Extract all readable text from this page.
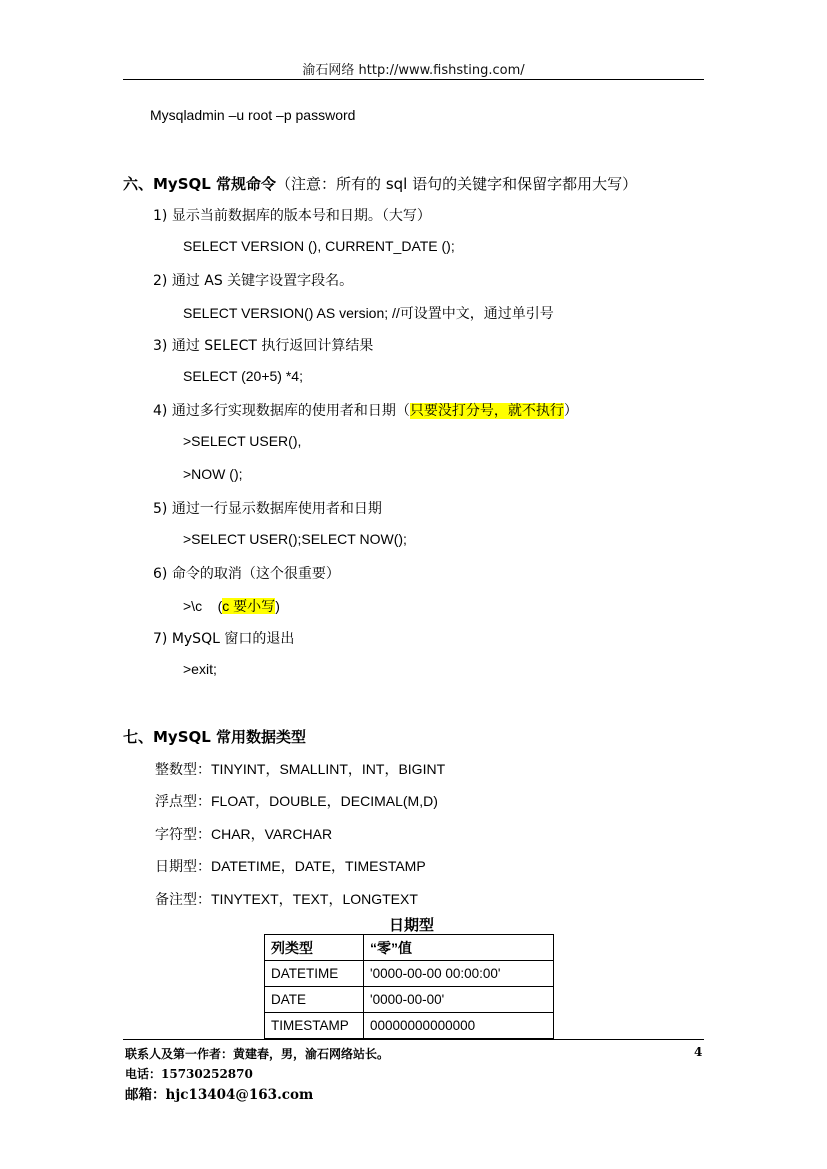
渝石网络 http://www.fishsting.com/
Mysqladmin –u root –p password
六、MySQL 常规命令（注意：所有的 sql 语句的关键字和保留字都用大写）
1) 显示当前数据库的版本号和日期。（大写）
SELECT VERSION (), CURRENT_DATE ();
2) 通过 AS 关键字设置字段名。
SELECT VERSION() AS version; //可设置中文，通过单引号
3) 通过 SELECT 执行返回计算结果
SELECT (20+5) *4;
4) 通过多行实现数据库的使用者和日期（只要没打分号，就不执行）
>SELECT USER(),
>NOW ();
5) 通过一行显示数据库使用者和日期
>SELECT USER();SELECT NOW();
6) 命令的取消（这个很重要）
>\c    (c 要小写)
7) MySQL 窗口的退出
>exit;
七、MySQL 常用数据类型
整数型：TINYINT，SMALLINT，INT，BIGINT
浮点型：FLOAT，DOUBLE，DECIMAL(M,D)
字符型：CHAR，VARCHAR
日期型：DATETIME，DATE，TIMESTAMP
备注型：TINYTEXT，TEXT，LONGTEXT
日期型
列类型	“零”值
DATETIME	'0000-00-00 00:00:00'
DATE	'0000-00-00'
TIMESTAMP	00000000000000
联系人及第一作者：黄建春，男，渝石网络站长。	4
电话：15730252870
邮箱：hjc13404@163.com
